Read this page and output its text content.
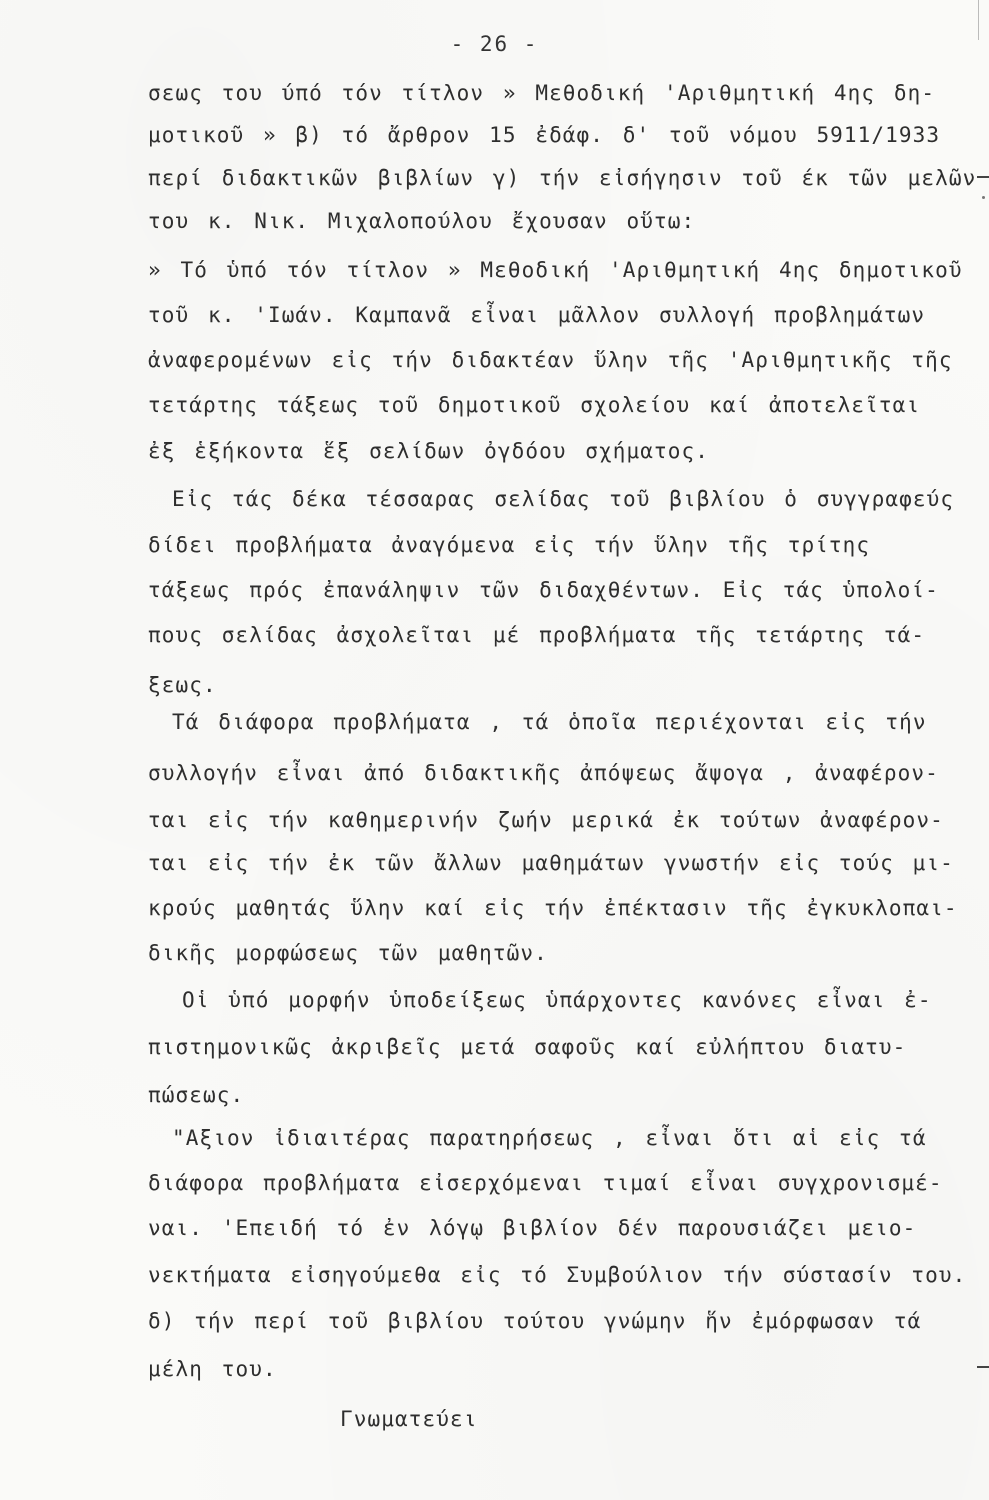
- 26 -
σεως του ύπό τόν τίτλον » Μεθοδική 'Αριθμητική 4ης δη-
μοτικοῦ » β) τό ἄρθρον 15 ἐδάφ. δ' τοῦ νόμου 5911/1933
περί διδακτικῶν βιβλίων γ) τήν εἰσήγησιν τοῦ έκ τῶν μελῶν
του κ. Νικ. Μιχαλοπούλου ἔχουσαν οὕτω:
» Τό ὑπό τόν τίτλον » Μεθοδική 'Αριθμητική 4ης δημοτικοῦ
τοῦ κ. 'Ιωάν. Καμπανᾶ εἶναι μᾶλλον συλλογή προβλημάτων
ἀναφερομένων εἰς τήν διδακτέαν ὕλην τῆς 'Αριθμητικῆς τῆς
τετάρτης τάξεως τοῦ δημοτικοῦ σχολείου καί ἀποτελεῖται
ἐξ ἑξήκοντα ἕξ σελίδων ὀγδόου σχήματος.
Εἰς τάς δέκα τέσσαρας σελίδας τοῦ βιβλίου ὁ συγγραφεύς
δίδει προβλήματα ἀναγόμενα εἰς τήν ὕλην τῆς τρίτης
τάξεως πρός ἐπανάληψιν τῶν διδαχθέντων. Εἰς τάς ὑπολοί-
πους σελίδας ἀσχολεῖται μέ προβλήματα τῆς τετάρτης τά-
ξεως.
Τά διάφορα προβλήματα , τά ὁποῖα περιέχονται εἰς τήν
συλλογήν εἶναι ἀπό διδακτικῆς ἀπόψεως ἄψογα , ἀναφέρον-
ται εἰς τήν καθημερινήν ζωήν μερικά ἐκ τούτων ἀναφέρον-
ται εἰς τήν ἐκ τῶν ἄλλων μαθημάτων γνωστήν εἰς τούς μι-
κρούς μαθητάς ὕλην καί εἰς τήν ἐπέκτασιν τῆς ἐγκυκλοπαι-
δικῆς μορφώσεως τῶν μαθητῶν.
Οἱ ὑπό μορφήν ὑποδείξεως ὑπάρχοντες κανόνες εἶναι ἐ-
πιστημονικῶς ἀκριβεῖς μετά σαφοῦς καί εὐλήπτου διατυ-
πώσεως.
"Αξιον ἰδιαιτέρας παρατηρήσεως , εἶναι ὅτι αἱ εἰς τά
διάφορα προβλήματα εἰσερχόμεναι τιμαί εἶναι συγχρονισμέ-
ναι. 'Επειδή τό ἐν λόγῳ βιβλίον δέν παρουσιάζει μειο-
νεκτήματα εἰσηγούμεθα εἰς τό Συμβούλιον τήν σύστασίν του.
δ) τήν περί τοῦ βιβλίου τούτου γνώμην ἥν ἐμόρφωσαν τά
μέλη του.
Γνωματεύει
